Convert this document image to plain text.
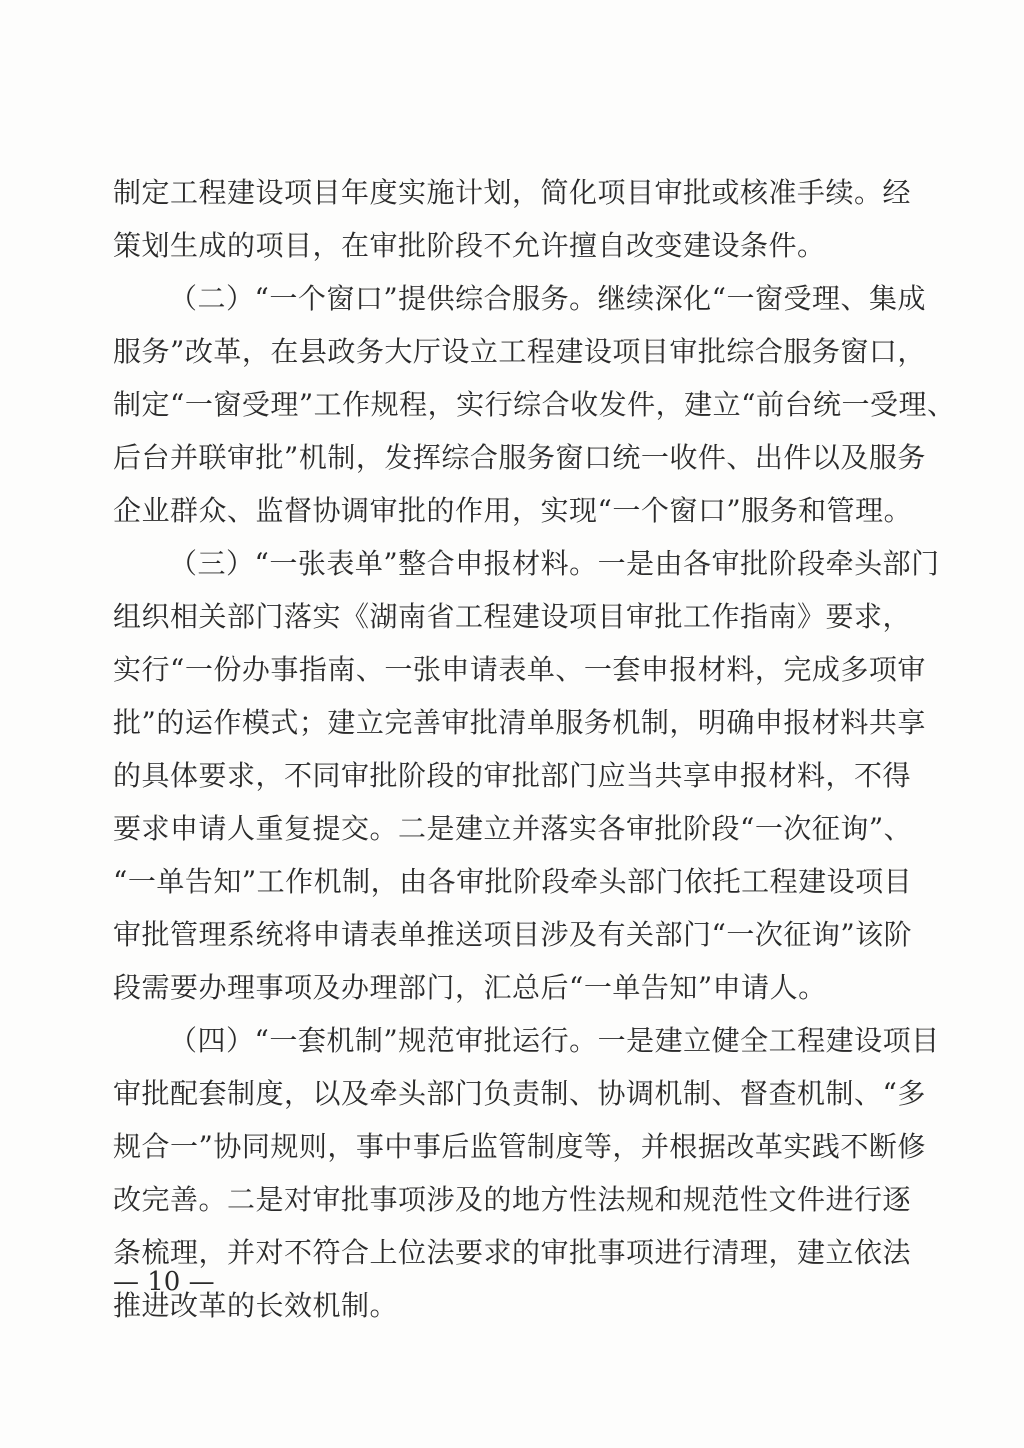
制定工程建设项目年度实施计划，简化项目审批或核准手续。经
策划生成的项目，在审批阶段不允许擅自改变建设条件。
（二）“一个窗口”提供综合服务。继续深化“一窗受理、集成
服务”改革，在县政务大厅设立工程建设项目审批综合服务窗口，
制定“一窗受理”工作规程，实行综合收发件，建立“前台统一受理、
后台并联审批”机制，发挥综合服务窗口统一收件、出件以及服务
企业群众、监督协调审批的作用，实现“一个窗口”服务和管理。
（三）“一张表单”整合申报材料。一是由各审批阶段牵头部门
组织相关部门落实《湖南省工程建设项目审批工作指南》要求，
实行“一份办事指南、一张申请表单、一套申报材料，完成多项审
批”的运作模式；建立完善审批清单服务机制，明确申报材料共享
的具体要求，不同审批阶段的审批部门应当共享申报材料，不得
要求申请人重复提交。二是建立并落实各审批阶段“一次征询”、
“一单告知”工作机制，由各审批阶段牵头部门依托工程建设项目
审批管理系统将申请表单推送项目涉及有关部门“一次征询”该阶
段需要办理事项及办理部门，汇总后“一单告知”申请人。
（四）“一套机制”规范审批运行。一是建立健全工程建设项目
审批配套制度，以及牵头部门负责制、协调机制、督查机制、“多
规合一”协同规则，事中事后监管制度等，并根据改革实践不断修
改完善。二是对审批事项涉及的地方性法规和规范性文件进行逐
条梳理，并对不符合上位法要求的审批事项进行清理，建立依法
推进改革的长效机制。
— 10 —
